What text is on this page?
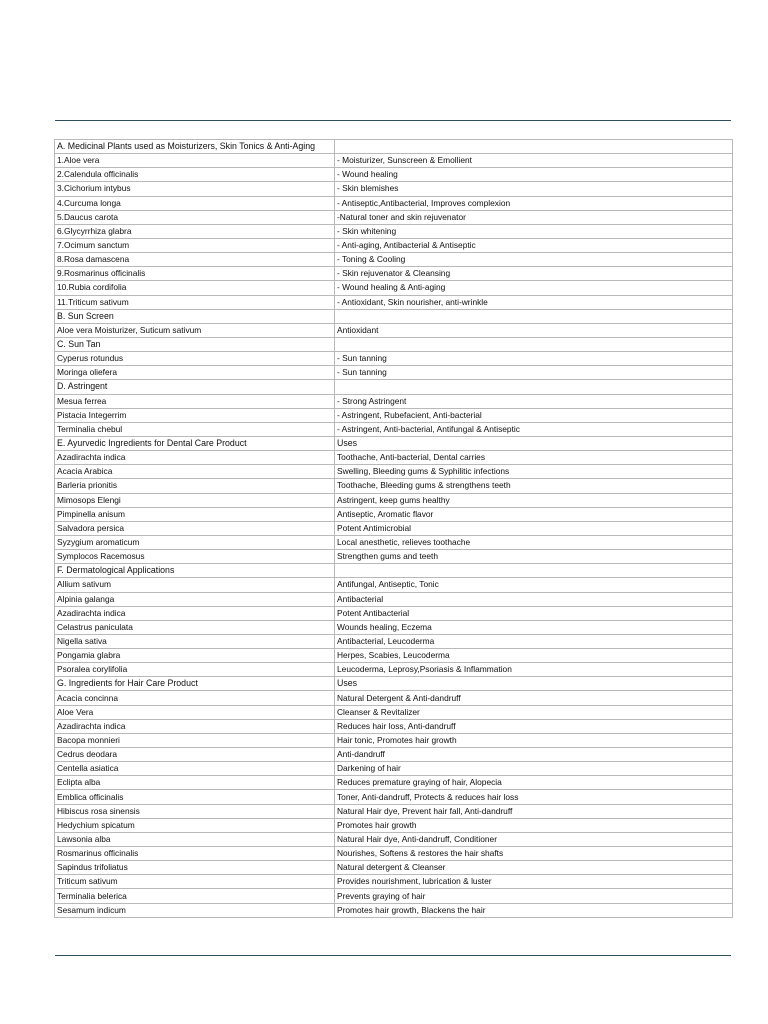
A. Medicinal Plants used as Moisturizers, Skin Tonics & Anti-Aging	
1.Aloe vera	- Moisturizer, Sunscreen & Emollient
2.Calendula officinalis	- Wound healing
3.Cichorium intybus	- Skin blemishes
4.Curcuma longa	- Antiseptic,Antibacterial, Improves complexion
5.Daucus carota	-Natural toner and skin rejuvenator
6.Glycyrrhiza glabra	- Skin whitening
7.Ocimum sanctum	- Anti-aging, Antibacterial & Antiseptic
8.Rosa damascena	- Toning & Cooling
9.Rosmarinus officinalis	- Skin rejuvenator & Cleansing
10.Rubia cordifolia	- Wound healing & Anti-aging
11.Triticum sativum	- Antioxidant, Skin nourisher, anti-wrinkle
B. Sun Screen	
Aloe vera Moisturizer, Suticum sativum	Antioxidant
C. Sun Tan	
Cyperus rotundus	- Sun tanning
Moringa oliefera	- Sun tanning
D. Astringent	
Mesua ferrea	- Strong Astringent
Pistacia Integerrim	- Astringent, Rubefacient, Anti-bacterial
Terminalia chebul	- Astringent, Anti-bacterial, Antifungal & Antiseptic
E. Ayurvedic Ingredients for Dental Care Product	Uses
Azadirachta indica	Toothache, Anti-bacterial, Dental carries
Acacia Arabica	Swelling, Bleeding gums & Syphilitic infections
Barleria prionitis	Toothache, Bleeding gums & strengthens teeth
Mimosops Elengi	Astringent, keep gums healthy
Pimpinella anisum	Antiseptic, Aromatic flavor
Salvadora persica	Potent Antimicrobial
Syzygium aromaticum	Local anesthetic, relieves toothache
Symplocos Racemosus	Strengthen gums and teeth
F. Dermatological Applications	
Allium sativum	Antifungal, Antiseptic, Tonic
Alpinia galanga	Antibacterial
Azadirachta indica	Potent Antibacterial
Celastrus paniculata	Wounds healing, Eczema
Nigella sativa	Antibacterial, Leucoderma
Pongamia glabra	Herpes, Scabies, Leucoderma
Psoralea corylifolia	Leucoderma, Leprosy,Psoriasis & Inflammation
G. Ingredients for Hair Care Product	Uses
Acacia concinna	Natural Detergent & Anti-dandruff
Aloe Vera	Cleanser & Revitalizer
Azadirachta indica	Reduces hair loss, Anti-dandruff
Bacopa monnieri	Hair tonic, Promotes hair growth
Cedrus deodara	Anti-dandruff
Centella asiatica	Darkening of hair
Eclipta alba	Reduces premature graying of hair, Alopecia
Emblica officinalis	Toner, Anti-dandruff, Protects & reduces hair loss
Hibiscus rosa sinensis	Natural Hair dye, Prevent hair fall, Anti-dandruff
Hedychium spicatum	Promotes hair growth
Lawsonia alba	Natural Hair dye, Anti-dandruff, Conditioner
Rosmarinus officinalis	Nourishes, Softens & restores the hair shafts
Sapindus trifoliatus	Natural detergent & Cleanser
Triticum sativum	Provides nourishment, lubrication & luster
Terminalia belerica	Prevents graying of hair
Sesamum indicum	Promotes hair growth, Blackens the hair
